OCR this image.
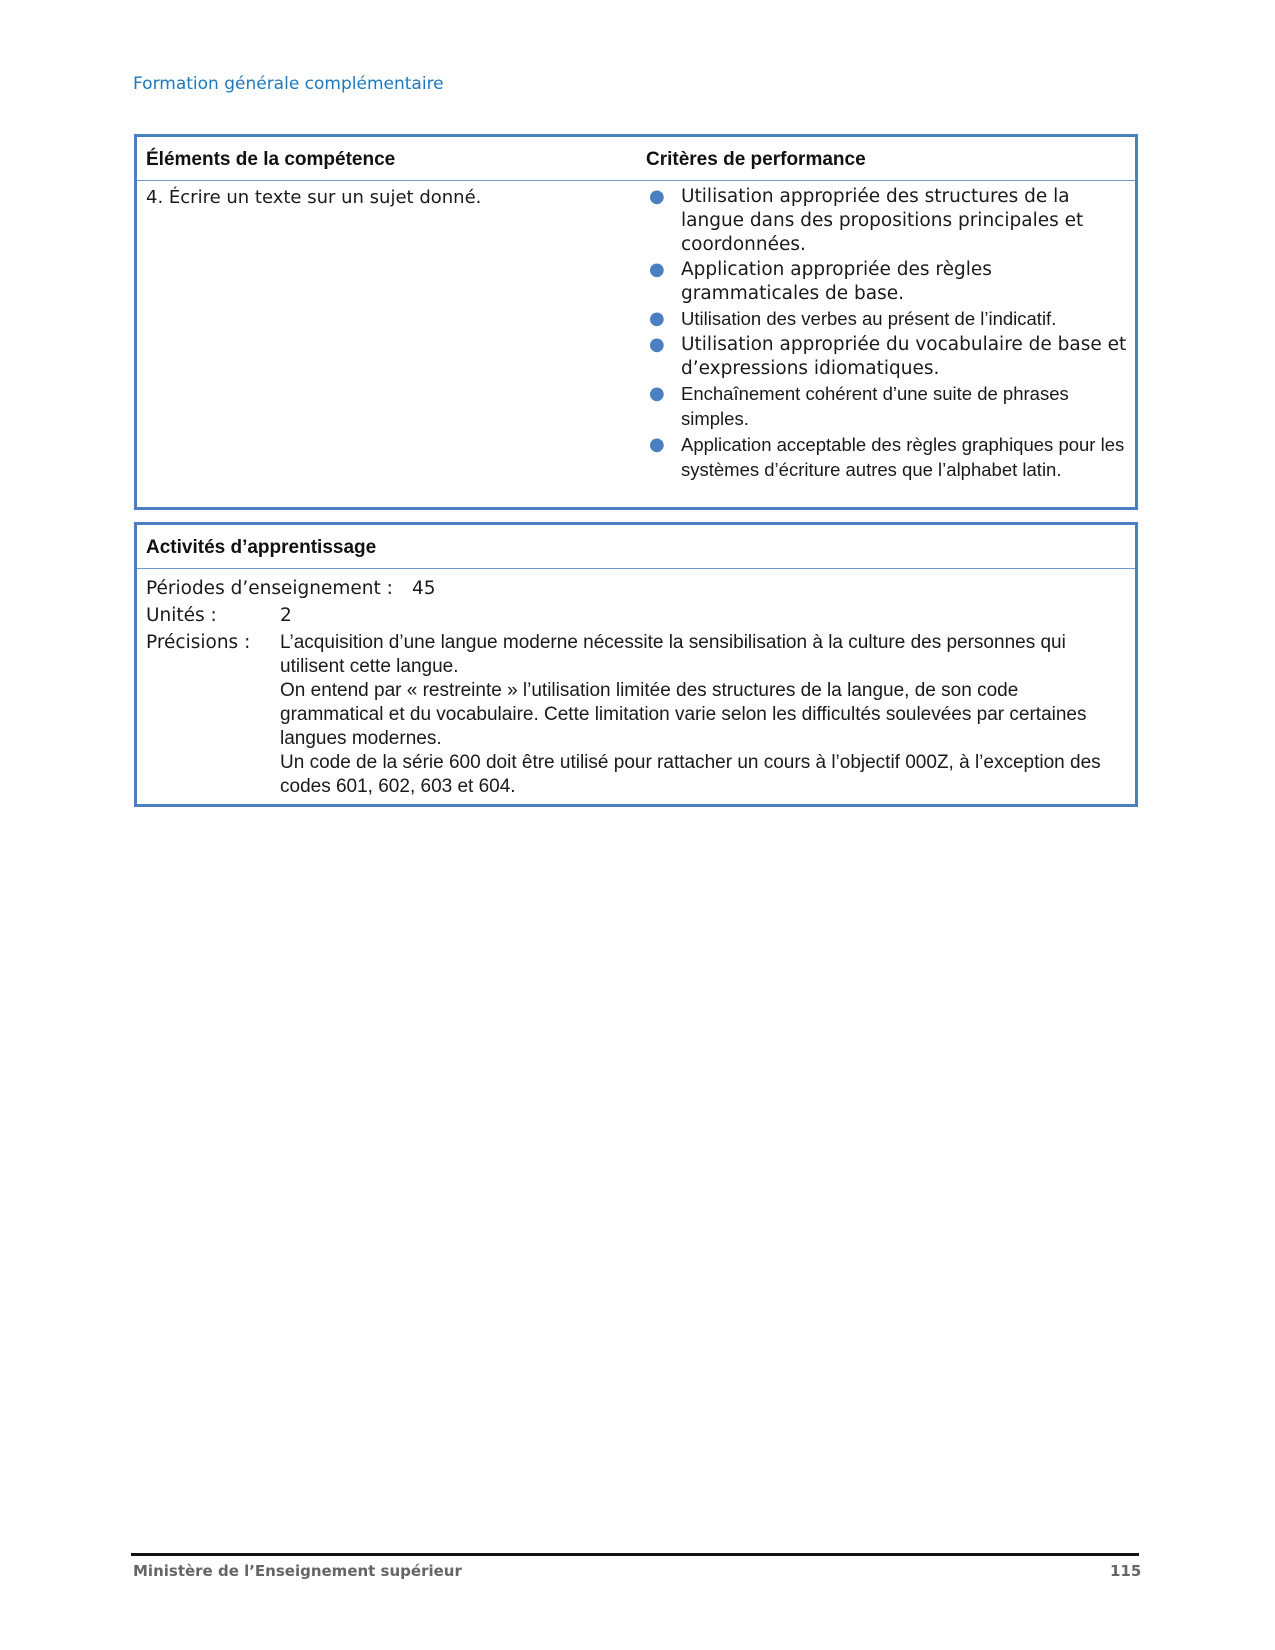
Formation générale complémentaire
Éléments de la compétence	Critères de performance
4. Écrire un texte sur un sujet donné.	● Utilisation appropriée des structures de la langue dans des propositions principales et coordonnées.
● Application appropriée des règles grammaticales de base.
● Utilisation des verbes au présent de l’indicatif.
● Utilisation appropriée du vocabulaire de base et d’expressions idiomatiques.
● Enchaînement cohérent d’une suite de phrases simples.
● Application acceptable des règles graphiques pour les systèmes d’écriture autres que l’alphabet latin.
Activités d’apprentissage
Périodes d’enseignement : 45
Unités :	2
Précisions : L’acquisition d’une langue moderne nécessite la sensibilisation à la culture des personnes qui utilisent cette langue.

On entend par « restreinte » l’utilisation limitée des structures de la langue, de son code grammatical et du vocabulaire. Cette limitation varie selon les difficultés soulevées par certaines langues modernes.

Un code de la série 600 doit être utilisé pour rattacher un cours à l’objectif 000Z, à l’exception des codes 601, 602, 603 et 604.

Ministère de l’Enseignement supérieur	115
